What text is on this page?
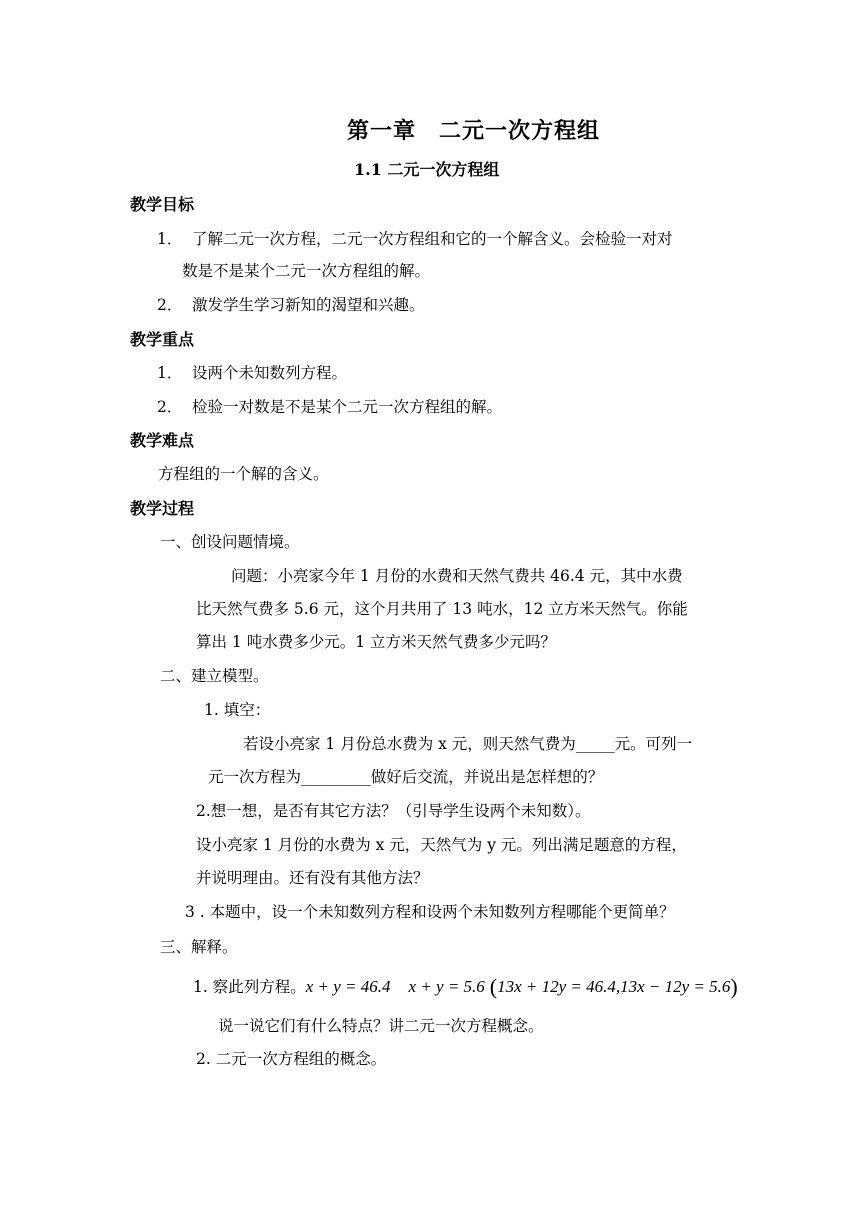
第一章　二元一次方程组
1.1 二元一次方程组
教学目标
1． 了解二元一次方程，二元一次方程组和它的一个解含义。会检验一对对
数是不是某个二元一次方程组的解。
2． 激发学生学习新知的渴望和兴趣。
教学重点
1． 设两个未知数列方程。
2． 检验一对数是不是某个二元一次方程组的解。
教学难点
方程组的一个解的含义。
教学过程
一、创设问题情境。
问题：小亮家今年 1 月份的水费和天然气费共 46.4 元，其中水费
比天然气费多 5.6 元，这个月共用了 13 吨水，12 立方米天然气。你能
算出 1 吨水费多少元。1 立方米天然气费多少元吗？
二、建立模型。
1. 填空：
若设小亮家 1 月份总水费为 x 元，则天然气费为_____元。可列一
元一次方程为_________做好后交流，并说出是怎样想的？
2.想一想，是否有其它方法？（引导学生设两个未知数）。
设小亮家 1 月份的水费为 x 元，天然气为 y 元。列出满足题意的方程，
并说明理由。还有没有其他方法？
3 . 本题中，设一个未知数列方程和设两个未知数列方程哪能个更简单？
三、解释。
1. 察此列方程。x + y = 46.4 x + y = 5.6 (13x + 12y = 46.4,13x − 12y = 5.6)
说一说它们有什么特点？讲二元一次方程概念。
2. 二元一次方程组的概念。
